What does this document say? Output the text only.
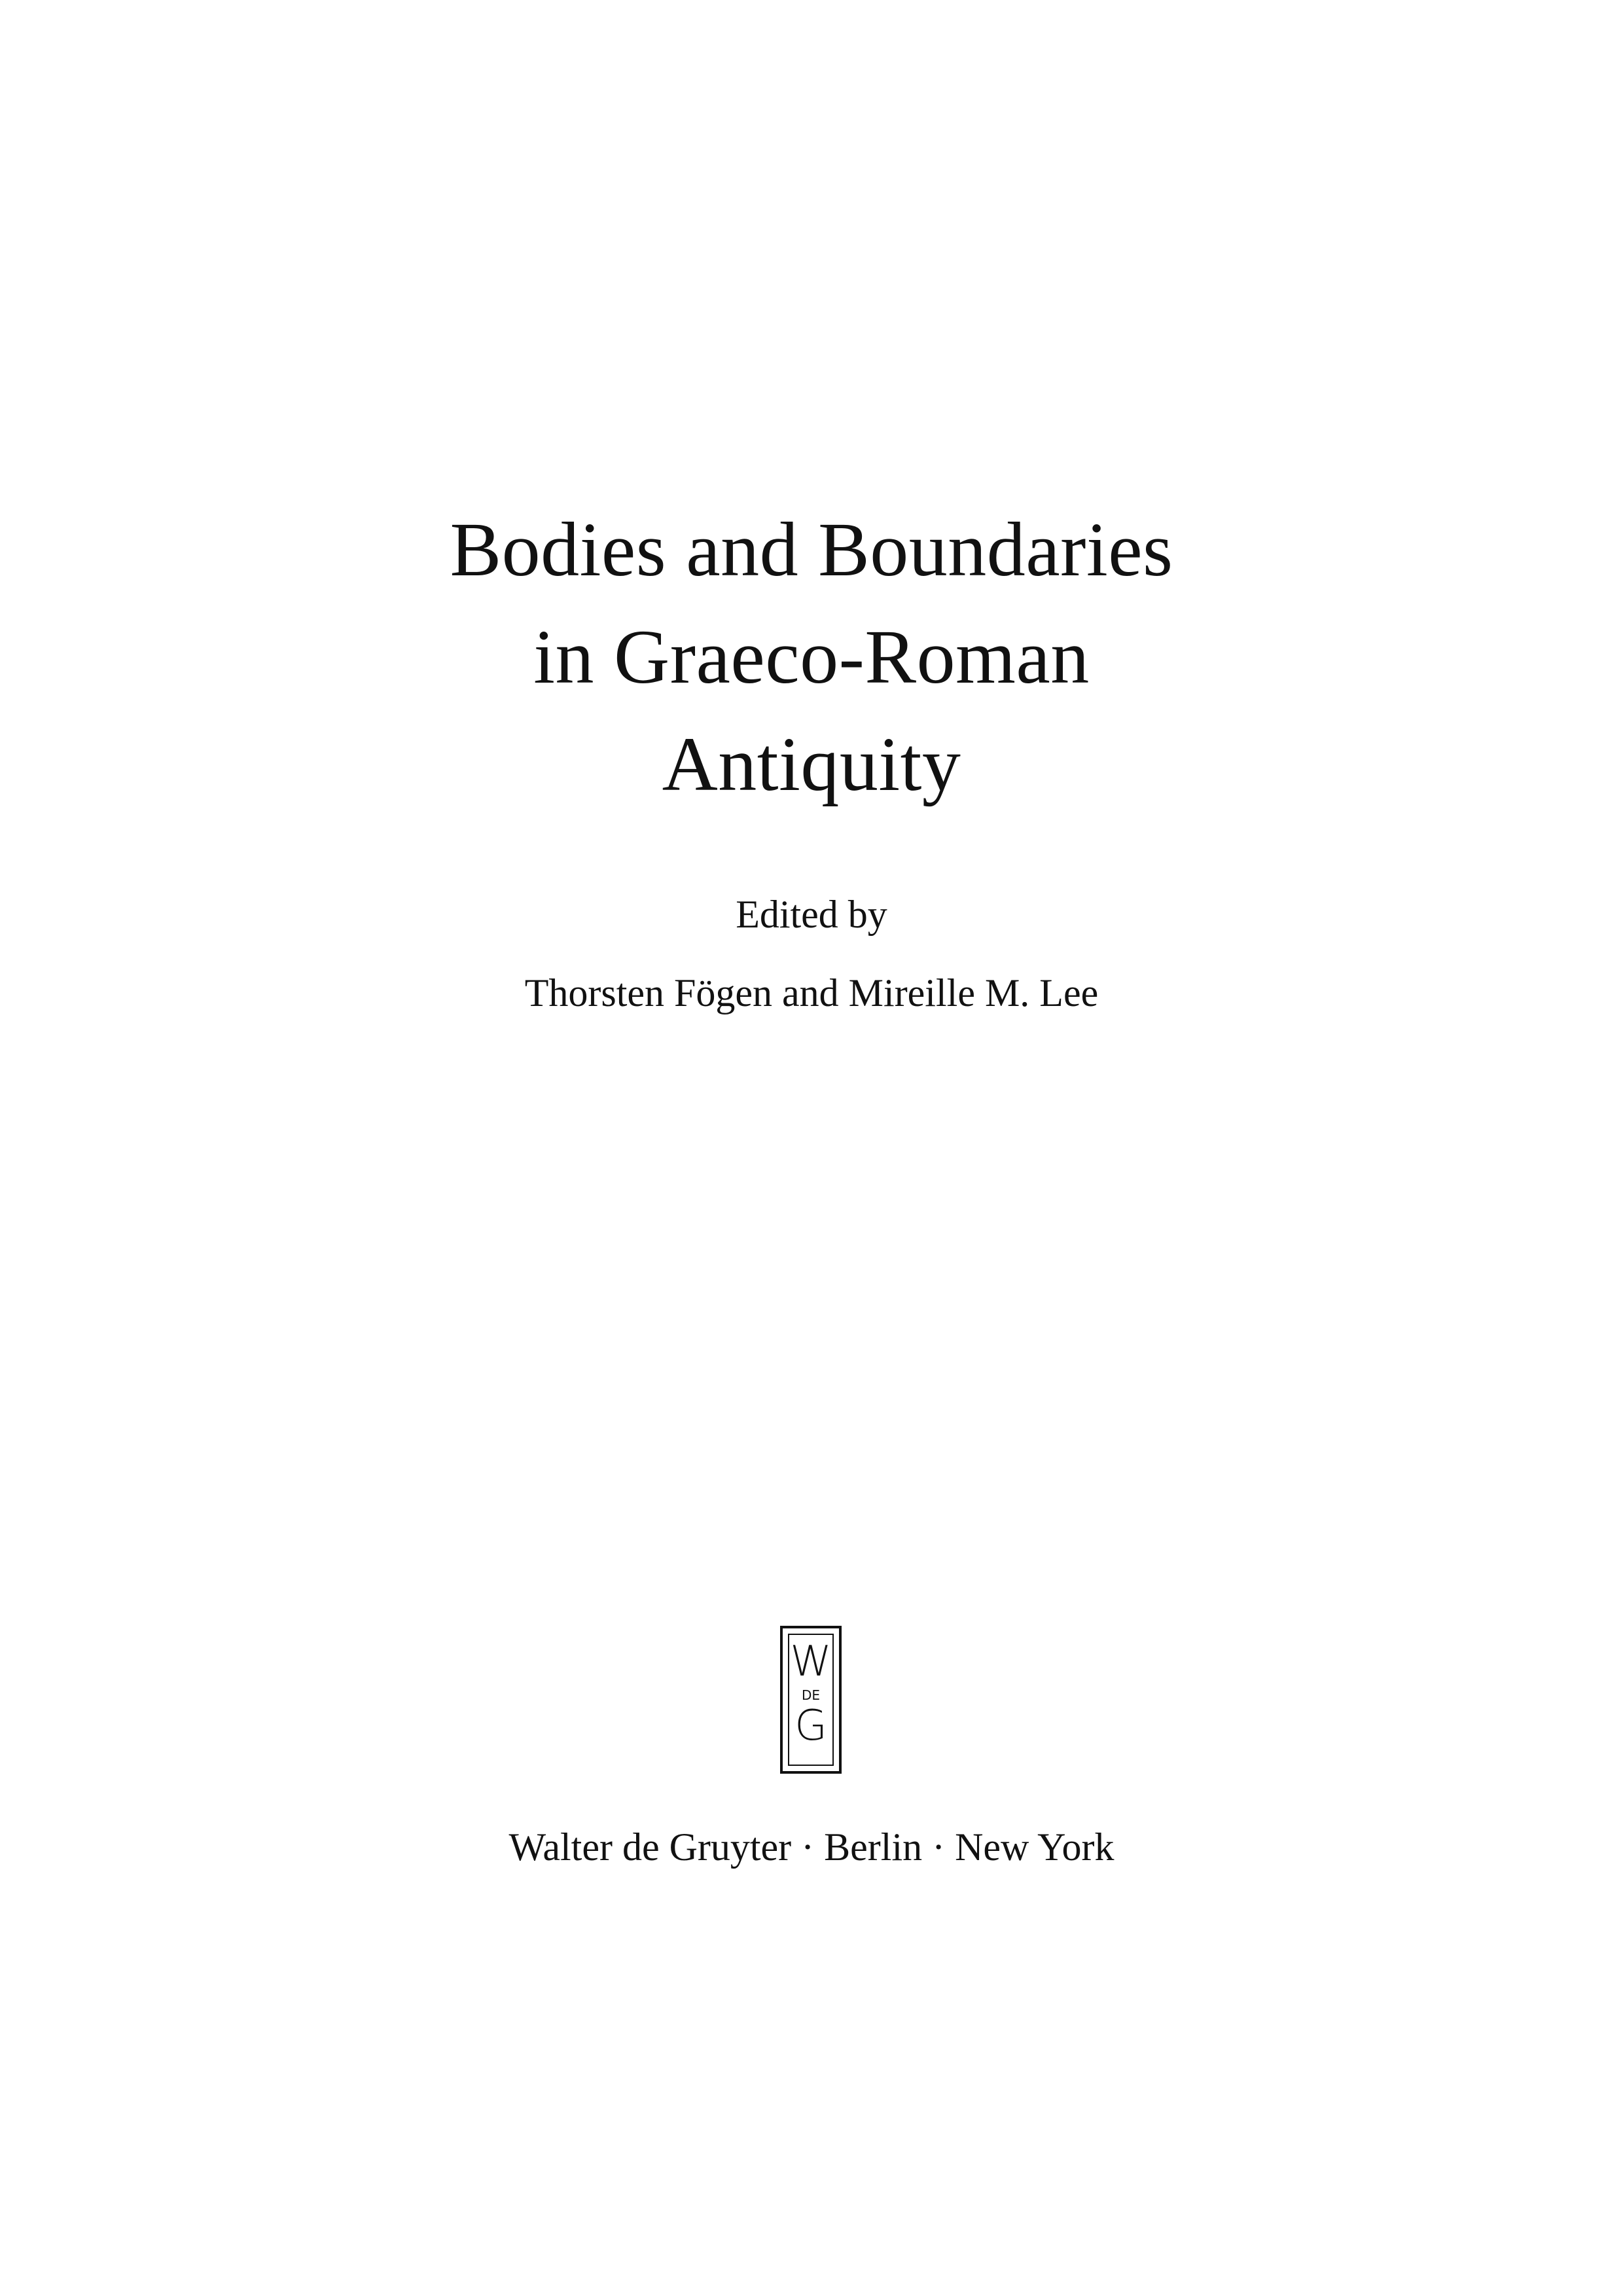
Bodies and Boundaries
in Graeco-Roman
Antiquity
Edited by
Thorsten Fögen and Mireille M. Lee
W
DE
G
Walter de Gruyter · Berlin · New York
